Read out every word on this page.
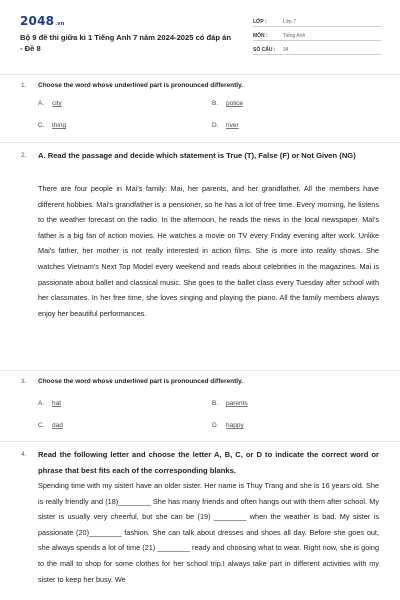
2048.vn
Bộ 9 đề thi giữa kì 1 Tiếng Anh 7 năm 2024-2025 có đáp án - Đề 8
LỚP :	Lớp 7
MÔN :	Tiếng Anh
SỐ CÂU : 34
1. Choose the word whose underlined part is pronounced differently.
A. city	B. police
C. thing	D. river
2. A. Read the passage and decide which statement is True (T), False (F) or Not Given (NG)
There are four people in Mai's family: Mai, her parents, and her grandfather. All the members have different hobbies. Mai's grandfather is a pensioner, so he has a lot of free time. Every morning, he listens to the weather forecast on the radio. In the afternoon, he reads the news in the local newspaper. Mai's father is a big fan of action movies. He watches a movie on TV every Friday evening after work. Unlike Mai's father, her mother is not really interested in action films. She is more into reality shows. She watches Vietnam's Next Top Model every weekend and reads about celebrities in the magazines. Mai is passionate about ballet and classical music. She goes to the ballet class every Tuesday after school with her classmates. In her free time, she loves singing and playing the piano. All the family members always enjoy her beautiful performances.
3. Choose the word whose underlined part is pronounced differently.
A. hat	B. parents
C. dad	D. happy
4. Read the following letter and choose the letter A, B, C, or D to indicate the correct word or phrase that best fits each of the corresponding blanks.
Spending time with my sisterI have an older sister. Her name is Thuy Trang and she is 16 years old. She is really friendly and (18)________ She has many friends and often hangs out with them after school. My sister is usually very cheerful, but she can be (19) ________ when the weather is bad. My sister is passionate (20)________ fashion. She can talk about dresses and shoes all day. Before she goes out, she always spends a lot of time (21) ________ ready and choosing what to wear. Right now, she is going to the mall to shop for some clothes for her school trip.I always take part in different activities with my sister to keep her busy. We
